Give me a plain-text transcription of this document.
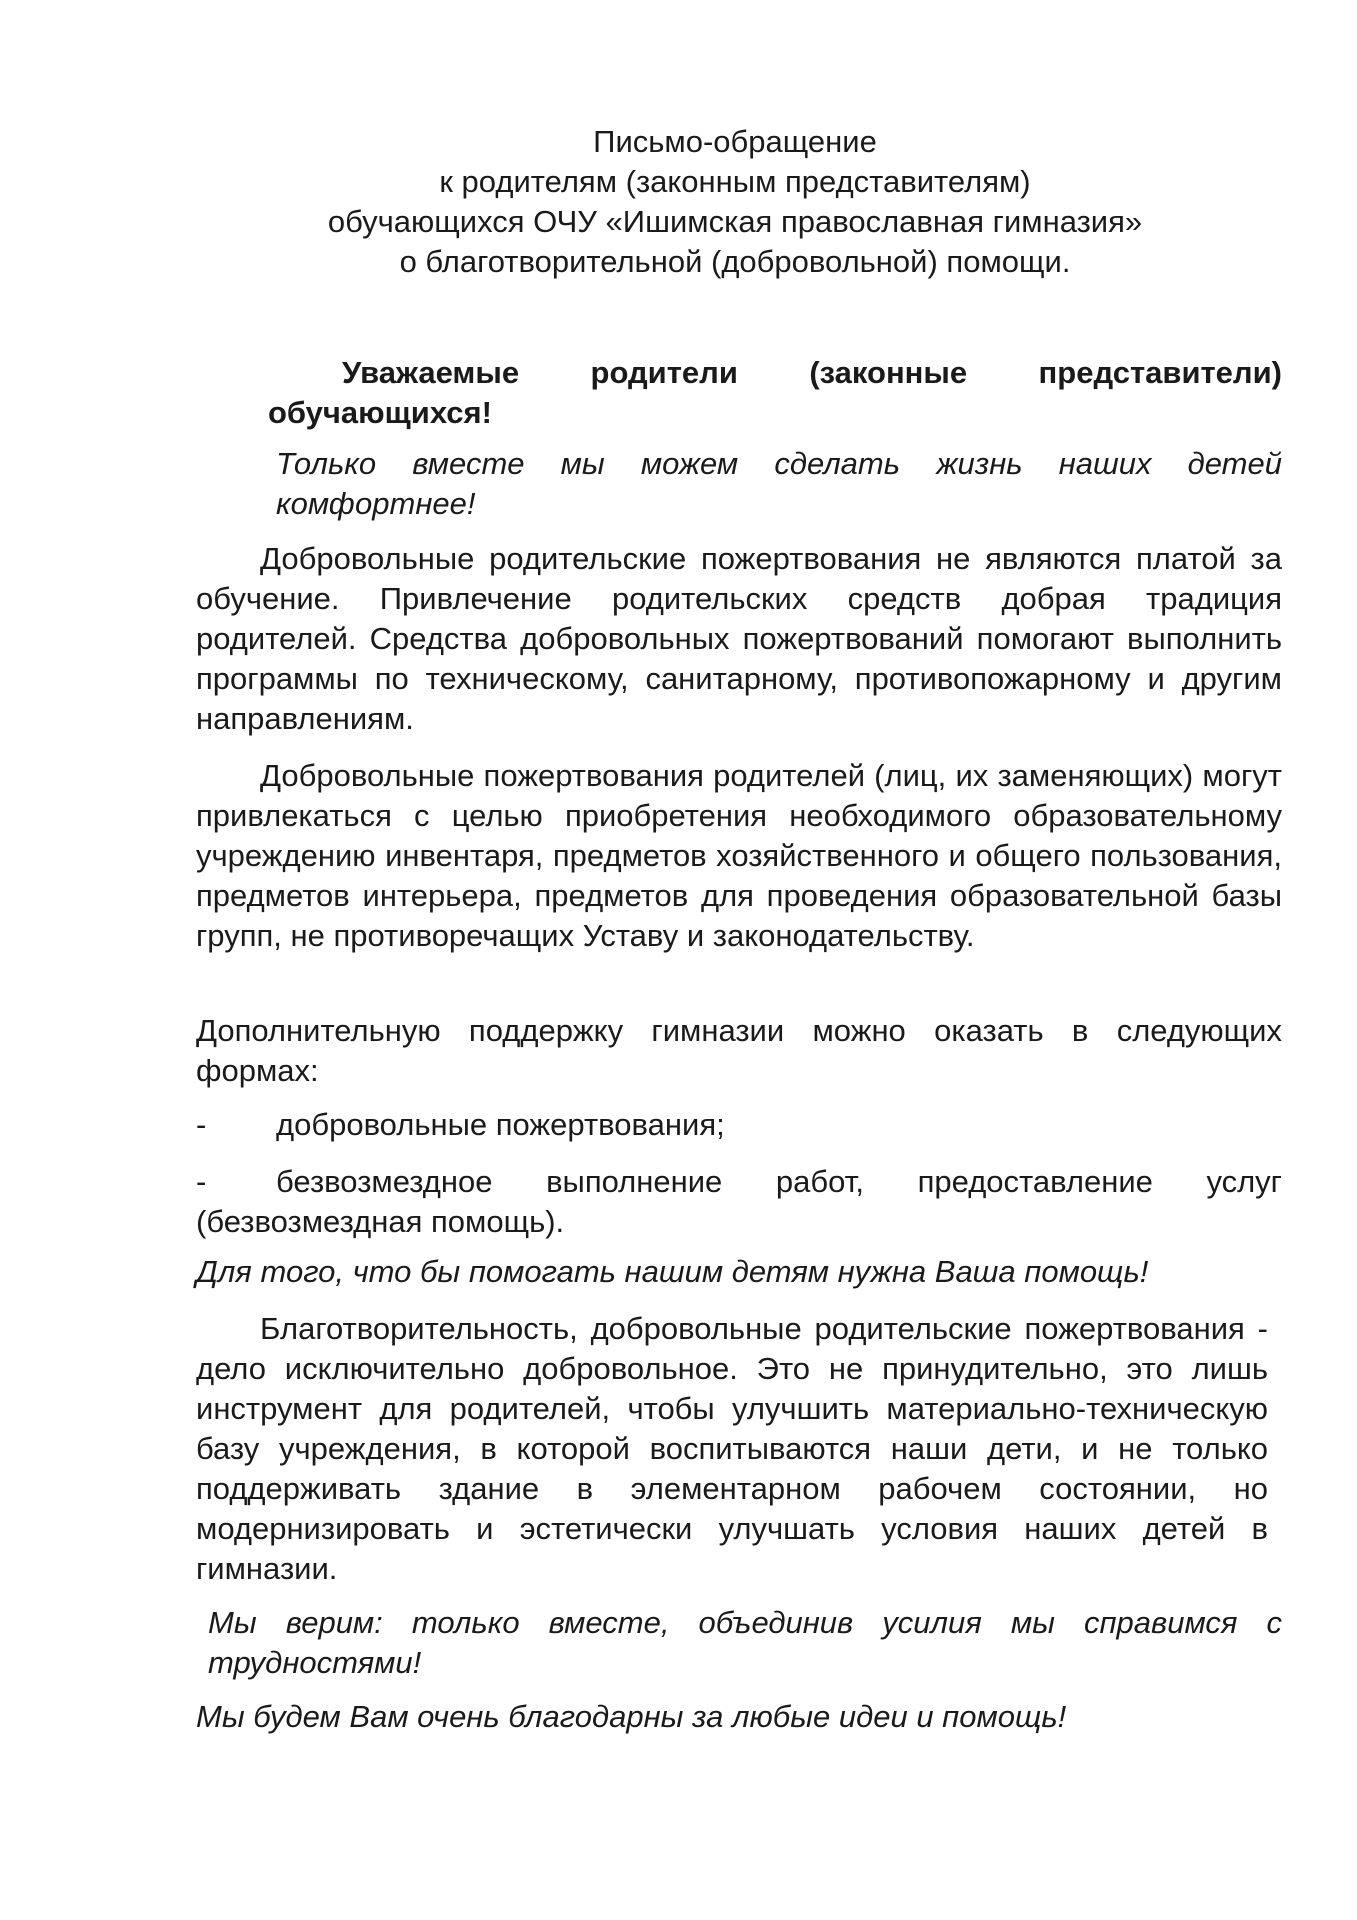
Письмо-обращение
к родителям (законным представителям)
обучающихся ОЧУ «Ишимская православная гимназия»
о благотворительной (добровольной) помощи.
Уважаемые родители (законные представители) обучающихся!
Только вместе мы можем сделать жизнь наших детей комфортнее!
Добровольные родительские пожертвования не являются платой за обучение. Привлечение родительских средств добрая традиция родителей. Средства добровольных пожертвований помогают выполнить программы по техническому, санитарному, противопожарному и другим направлениям.
Добровольные пожертвования родителей (лиц, их заменяющих) могут привлекаться с целью приобретения необходимого образовательному учреждению инвентаря, предметов хозяйственного и общего пользования, предметов интерьера, предметов для проведения образовательной базы групп, не противоречащих Уставу и законодательству.
Дополнительную поддержку гимназии можно оказать в следующих формах:
- добровольные пожертвования;
- безвозмездное выполнение работ, предоставление услуг (безвозмездная помощь).
Для того, что бы помогать нашим детям нужна Ваша помощь!
Благотворительность, добровольные родительские пожертвования - дело исключительно добровольное. Это не принудительно, это лишь инструмент для родителей, чтобы улучшить материально-техническую базу учреждения, в которой воспитываются наши дети, и не только поддерживать здание в элементарном рабочем состоянии, но модернизировать и эстетически улучшать условия наших детей в гимназии.
Мы верим: только вместе, объединив усилия мы справимся с трудностями!
Мы будем Вам очень благодарны за любые идеи и помощь!
